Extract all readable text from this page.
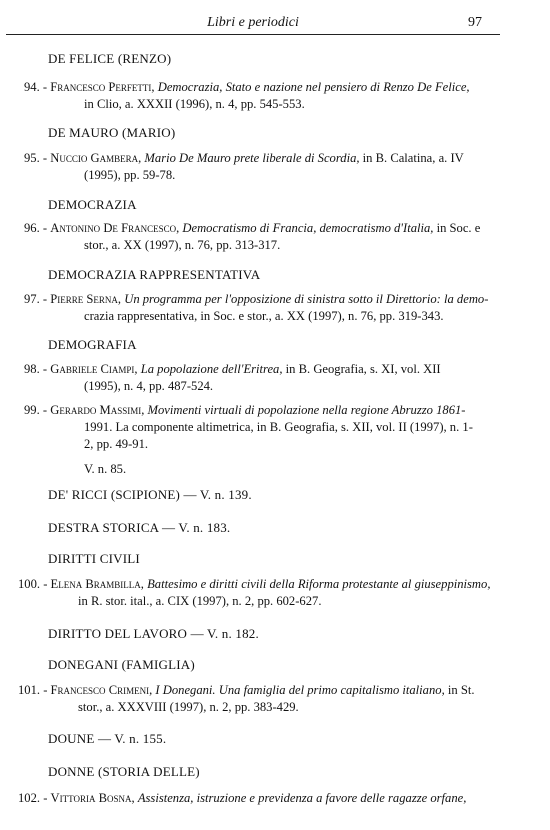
Libri e periodici	97
DE FELICE (RENZO)
94. - Francesco Perfetti, Democrazia, Stato e nazione nel pensiero di Renzo De Felice,
in Clio, a. XXXII (1996), n. 4, pp. 545-553.
DE MAURO (MARIO)
95. - Nuccio Gambera, Mario De Mauro prete liberale di Scordia, in B. Calatina, a. IV
(1995), pp. 59-78.
DEMOCRAZIA
96. - Antonino De Francesco, Democratismo di Francia, democratismo d'Italia, in Soc. e
stor., a. XX (1997), n. 76, pp. 313-317.
DEMOCRAZIA RAPPRESENTATIVA
97. - Pierre Serna, Un programma per l'opposizione di sinistra sotto il Direttorio: la demo-
crazia rappresentativa, in Soc. e stor., a. XX (1997), n. 76, pp. 319-343.
DEMOGRAFIA
98. - Gabriele Ciampi, La popolazione dell'Eritrea, in B. Geografia, s. XI, vol. XII
(1995), n. 4, pp. 487-524.
99. - Gerardo Massimi, Movimenti virtuali di popolazione nella regione Abruzzo 1861-
1991. La componente altimetrica, in B. Geografia, s. XII, vol. II (1997), n. 1-
2, pp. 49-91.
V. n. 85.
DE' RICCI (SCIPIONE) — V. n. 139.
DESTRA STORICA — V. n. 183.
DIRITTI CIVILI
100. - Elena Brambilla, Battesimo e diritti civili della Riforma protestante al giuseppinismo,
in R. stor. ital., a. CIX (1997), n. 2, pp. 602-627.
DIRITTO DEL LAVORO — V. n. 182.
DONEGANI (FAMIGLIA)
101. - Francesco Crimeni, I Donegani. Una famiglia del primo capitalismo italiano, in St.
stor., a. XXXVIII (1997), n. 2, pp. 383-429.
DOUNE — V. n. 155.
DONNE (STORIA DELLE)
102. - Vittoria Bosna, Assistenza, istruzione e previdenza a favore delle ragazze orfane,
